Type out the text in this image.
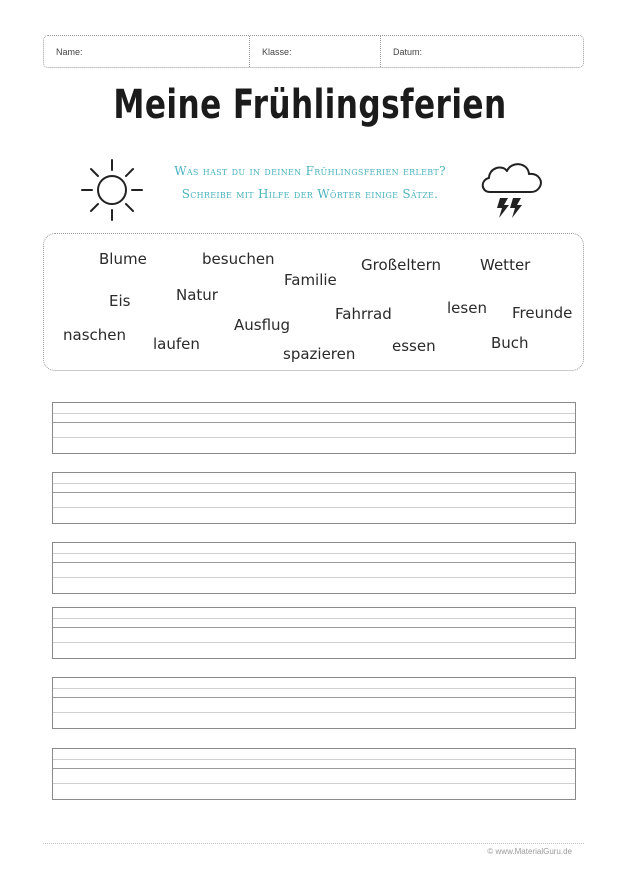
Name:	Klasse:	Datum:
Meine Frühlingsferien
Was hast du in deinen Frühlingsferien erlebt?
Schreibe mit Hilfe der Wörter einige Sätze.
Blume	besuchen
Familie
Großeltern	Wetter
Eis	Natur
Ausflug
Fahrrad	lesen Freunde
naschen laufen
spazieren essen	Buch
© www.MaterialGuru.de
